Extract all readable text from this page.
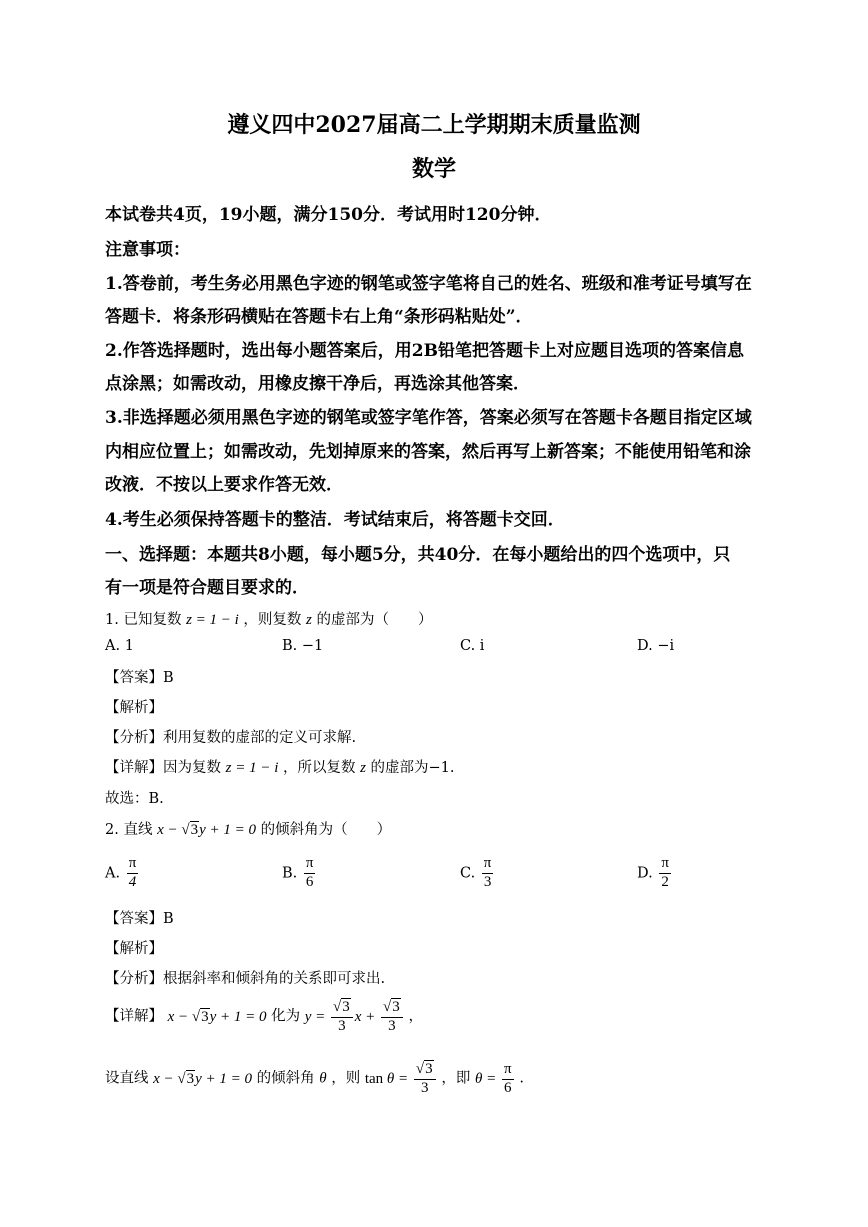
遵义四中2027届高二上学期期末质量监测
数学
本试卷共4页，19小题，满分150分．考试用时120分钟．
注意事项：
1.答卷前，考生务必用黑色字迹的钢笔或签字笔将自己的姓名、班级和准考证号填写在
答题卡．将条形码横贴在答题卡右上角“条形码粘贴处”．
2.作答选择题时，选出每小题答案后，用2B铅笔把答题卡上对应题目选项的答案信息
点涂黑；如需改动，用橡皮擦干净后，再选涂其他答案．
3.非选择题必须用黑色字迹的钢笔或签字笔作答，答案必须写在答题卡各题目指定区域
内相应位置上；如需改动，先划掉原来的答案，然后再写上新答案；不能使用铅笔和涂
改液．不按以上要求作答无效．
4.考生必须保持答题卡的整洁．考试结束后，将答题卡交回．
一、选择题：本题共8小题，每小题5分，共40分．在每小题给出的四个选项中，只
有一项是符合题目要求的．
1. 已知复数 z = 1 − i ，则复数 z 的虚部为（　　）
A. 1	B. −1	C. i	D. −i
【答案】B
【解析】
【分析】利用复数的虚部的定义可求解.
【详解】因为复数 z = 1 − i ，所以复数 z 的虚部为−1.
故选：B.
2. 直线 x − √3y + 1 = 0 的倾斜角为（　　）
A. $\frac{\pi}{4}$	B. $\frac{\pi}{6}$	C. $\frac{\pi}{3}$	D. $\frac{\pi}{2}$
【答案】B
【解析】
【分析】根据斜率和倾斜角的关系即可求出.
【详解】 x − √3y + 1 = 0 化为 $y = \frac{√3}{3}$ $x + \frac{√3}{3}$ ，
设直线 x − √3y + 1 = 0 的倾斜角 θ ，则 $\tan \theta = \frac{√3}{3}$ ，即 $\theta = \frac{\pi}{6}$ .
